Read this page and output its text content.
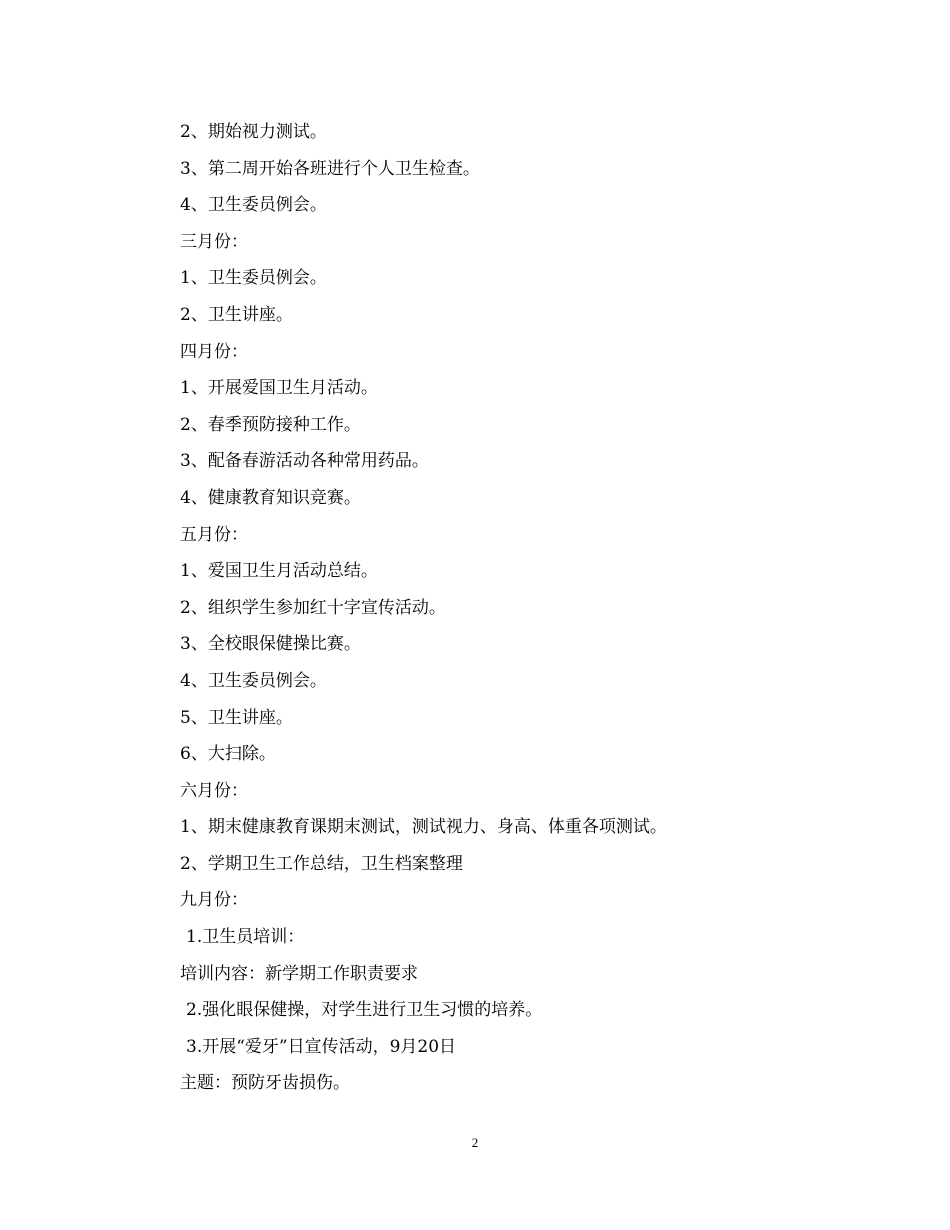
2、期始视力测试。
3、第二周开始各班进行个人卫生检查。
4、卫生委员例会。
三月份：
1、卫生委员例会。
2、卫生讲座。
四月份：
1、开展爱国卫生月活动。
2、春季预防接种工作。
3、配备春游活动各种常用药品。
4、健康教育知识竞赛。
五月份：
1、爱国卫生月活动总结。
2、组织学生参加红十字宣传活动。
3、全校眼保健操比赛。
4、卫生委员例会。
5、卫生讲座。
6、大扫除。
六月份：
1、期末健康教育课期末测试，测试视力、身高、体重各项测试。
2、学期卫生工作总结，卫生档案整理
九月份：
1.卫生员培训：
培训内容：新学期工作职责要求
2.强化眼保健操，对学生进行卫生习惯的培养。
3.开展“爱牙”日宣传活动，9月20日
主题：预防牙齿损伤。
2
